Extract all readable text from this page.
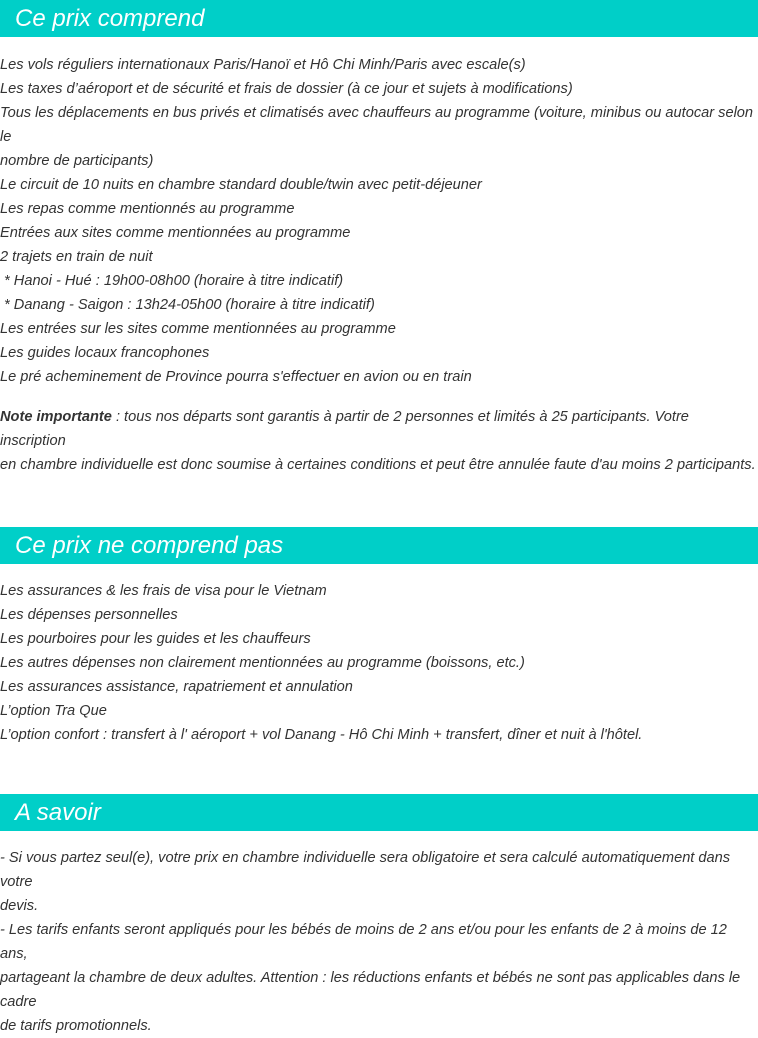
Ce prix comprend

Les vols réguliers internationaux Paris/Hanoï et Hô Chi Minh/Paris avec escale(s)

Les taxes d’aéroport et de sécurité et frais de dossier (à ce jour et sujets à modifications)

Tous les déplacements en bus privés et climatisés avec chauffeurs au programme (voiture, minibus ou autocar selon le

nombre de participants)

Le circuit de 10 nuits en chambre standard double/twin avec petit-déjeuner

Les repas comme mentionnés au programme

Entrées aux sites comme mentionnées au programme

2 trajets en train de nuit

* Hanoi - Hué : 19h00-08h00 (horaire à titre indicatif)

* Danang - Saigon : 13h24-05h00 (horaire à titre indicatif)

Les entrées sur les sites comme mentionnées au programme

Les guides locaux francophones

Le pré acheminement de Province pourra s'effectuer en avion ou en train

Note importante : tous nos départs sont garantis à partir de 2 personnes et limités à 25 participants. Votre inscription

en chambre individuelle est donc soumise à certaines conditions et peut être annulée faute d'au moins 2 participants.

Ce prix ne comprend pas

Les assurances & les frais de visa pour le Vietnam

Les dépenses personnelles

Les pourboires pour les guides et les chauffeurs

Les autres dépenses non clairement mentionnées au programme (boissons, etc.)

Les assurances assistance, rapatriement et annulation

L’option Tra Que

L’option confort : transfert à l' aéroport + vol Danang - Hô Chi Minh + transfert, dîner et nuit à l'hôtel.

A savoir

- Si vous partez seul(e), votre prix en chambre individuelle sera obligatoire et sera calculé automatiquement dans votre

devis.

- Les tarifs enfants seront appliqués pour les bébés de moins de 2 ans et/ou pour les enfants de 2 à moins de 12 ans,

partageant la chambre de deux adultes. Attention : les réductions enfants et bébés ne sont pas applicables dans le cadre

de tarifs promotionnels.
